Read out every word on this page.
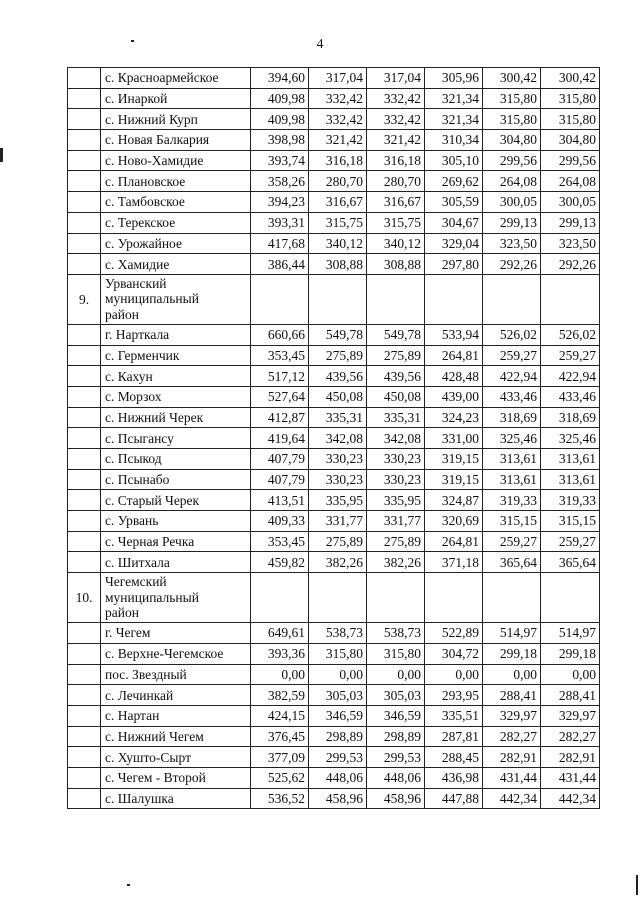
4
	с. Красноармейское	394,60	317,04	317,04	305,96	300,42	300,42
	с. Инаркой	409,98	332,42	332,42	321,34	315,80	315,80
	с. Нижний Курп	409,98	332,42	332,42	321,34	315,80	315,80
	с. Новая Балкария	398,98	321,42	321,42	310,34	304,80	304,80
	с. Ново-Хамидие	393,74	316,18	316,18	305,10	299,56	299,56
	с. Плановское	358,26	280,70	280,70	269,62	264,08	264,08
	с. Тамбовское	394,23	316,67	316,67	305,59	300,05	300,05
	с. Терекское	393,31	315,75	315,75	304,67	299,13	299,13
	с. Урожайное	417,68	340,12	340,12	329,04	323,50	323,50
	с. Хамидие	386,44	308,88	308,88	297,80	292,26	292,26
9.	Урванский
муниципальный
район						
	г. Нарткала	660,66	549,78	549,78	533,94	526,02	526,02
	с. Герменчик	353,45	275,89	275,89	264,81	259,27	259,27
	с. Кахун	517,12	439,56	439,56	428,48	422,94	422,94
	с. Морзох	527,64	450,08	450,08	439,00	433,46	433,46
	с. Нижний Черек	412,87	335,31	335,31	324,23	318,69	318,69
	с. Псыгансу	419,64	342,08	342,08	331,00	325,46	325,46
	с. Псыкод	407,79	330,23	330,23	319,15	313,61	313,61
	с. Псынабо	407,79	330,23	330,23	319,15	313,61	313,61
	с. Старый Черек	413,51	335,95	335,95	324,87	319,33	319,33
	с. Урвань	409,33	331,77	331,77	320,69	315,15	315,15
	с. Черная Речка	353,45	275,89	275,89	264,81	259,27	259,27
	с. Шитхала	459,82	382,26	382,26	371,18	365,64	365,64
10.	Чегемский
муниципальный
район						
	г. Чегем	649,61	538,73	538,73	522,89	514,97	514,97
	с. Верхне-Чегемское	393,36	315,80	315,80	304,72	299,18	299,18
	пос. Звездный	0,00	0,00	0,00	0,00	0,00	0,00
	с. Лечинкай	382,59	305,03	305,03	293,95	288,41	288,41
	с. Нартан	424,15	346,59	346,59	335,51	329,97	329,97
	с. Нижний Чегем	376,45	298,89	298,89	287,81	282,27	282,27
	с. Хушто-Сырт	377,09	299,53	299,53	288,45	282,91	282,91
	с. Чегем - Второй	525,62	448,06	448,06	436,98	431,44	431,44
	с. Шалушка	536,52	458,96	458,96	447,88	442,34	442,34
